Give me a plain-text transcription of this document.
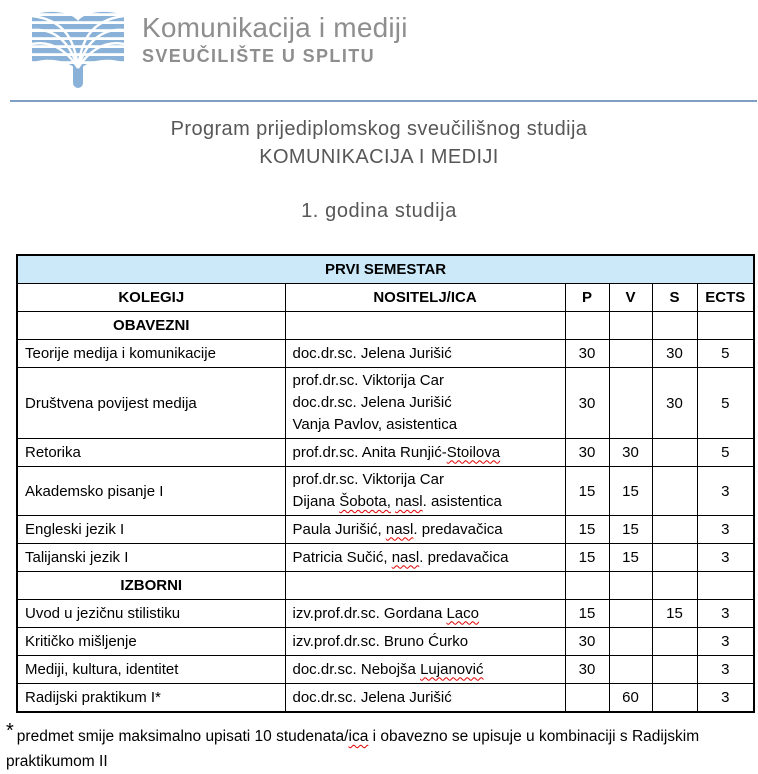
Komunikacija i mediji
SVEUČILIŠTE U SPLITU
Program prijediplomskog sveučilišnog studija
KOMUNIKACIJA I MEDIJI
1. godina studija
PRVI SEMESTAR					
KOLEGIJ	NOSITELJ/ICA	P	V	S	ECTS
OBAVEZNI					
Teorije medija i komunikacije	doc.dr.sc. Jelena Jurišić	30		30	5
Društvena povijest medija	prof.dr.sc. Viktorija Car
doc.dr.sc. Jelena Jurišić
Vanja Pavlov, asistentica	30		30	5
Retorika	prof.dr.sc. Anita Runjić-Stoilova	30	30		5
Akademsko pisanje I	prof.dr.sc. Viktorija Car
Dijana Šobota, nasl. asistentica	15	15		3
Engleski jezik I	Paula Jurišić, nasl. predavačica	15	15		3
Talijanski jezik I	Patricia Sučić, nasl. predavačica	15	15		3
IZBORNI					
Uvod u jezičnu stilistiku	izv.prof.dr.sc. Gordana Laco	15		15	3
Kritičko mišljenje	izv.prof.dr.sc. Bruno Ćurko	30			3
Mediji, kultura, identitet	doc.dr.sc. Nebojša Lujanović	30			3
Radijski praktikum I*	doc.dr.sc. Jelena Jurišić		60		3

* predmet smije maksimalno upisati 10 studenata/ica i obavezno se upisuje u kombinaciji s Radijskim praktikumom II
